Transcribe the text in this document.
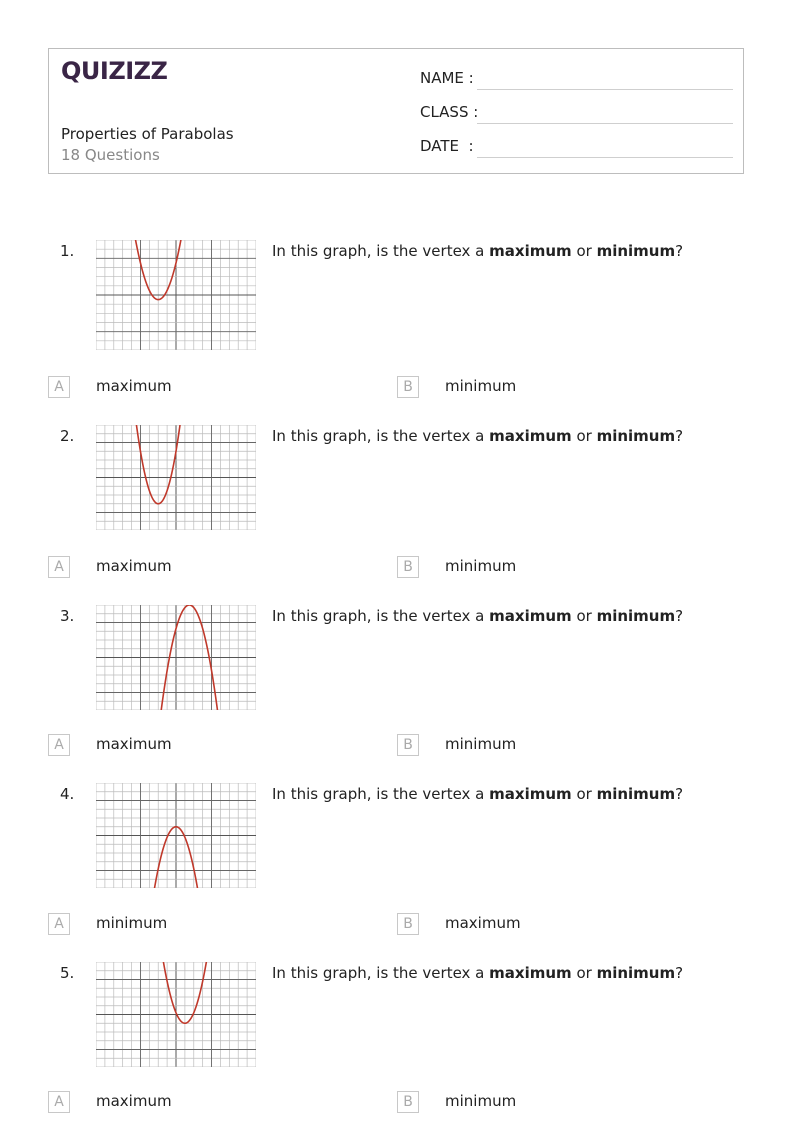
QUIZIZZ
Properties of Parabolas
18 Questions
NAME :
CLASS :
DATE  :
1.	In this graph, is the vertex a maximum or minimum?
A	maximum	B	minimum
2.	In this graph, is the vertex a maximum or minimum?
A	maximum	B	minimum
3.	In this graph, is the vertex a maximum or minimum?
A	maximum	B	minimum
4.	In this graph, is the vertex a maximum or minimum?
A	minimum	B	maximum
5.	In this graph, is the vertex a maximum or minimum?
A	maximum	B	minimum
